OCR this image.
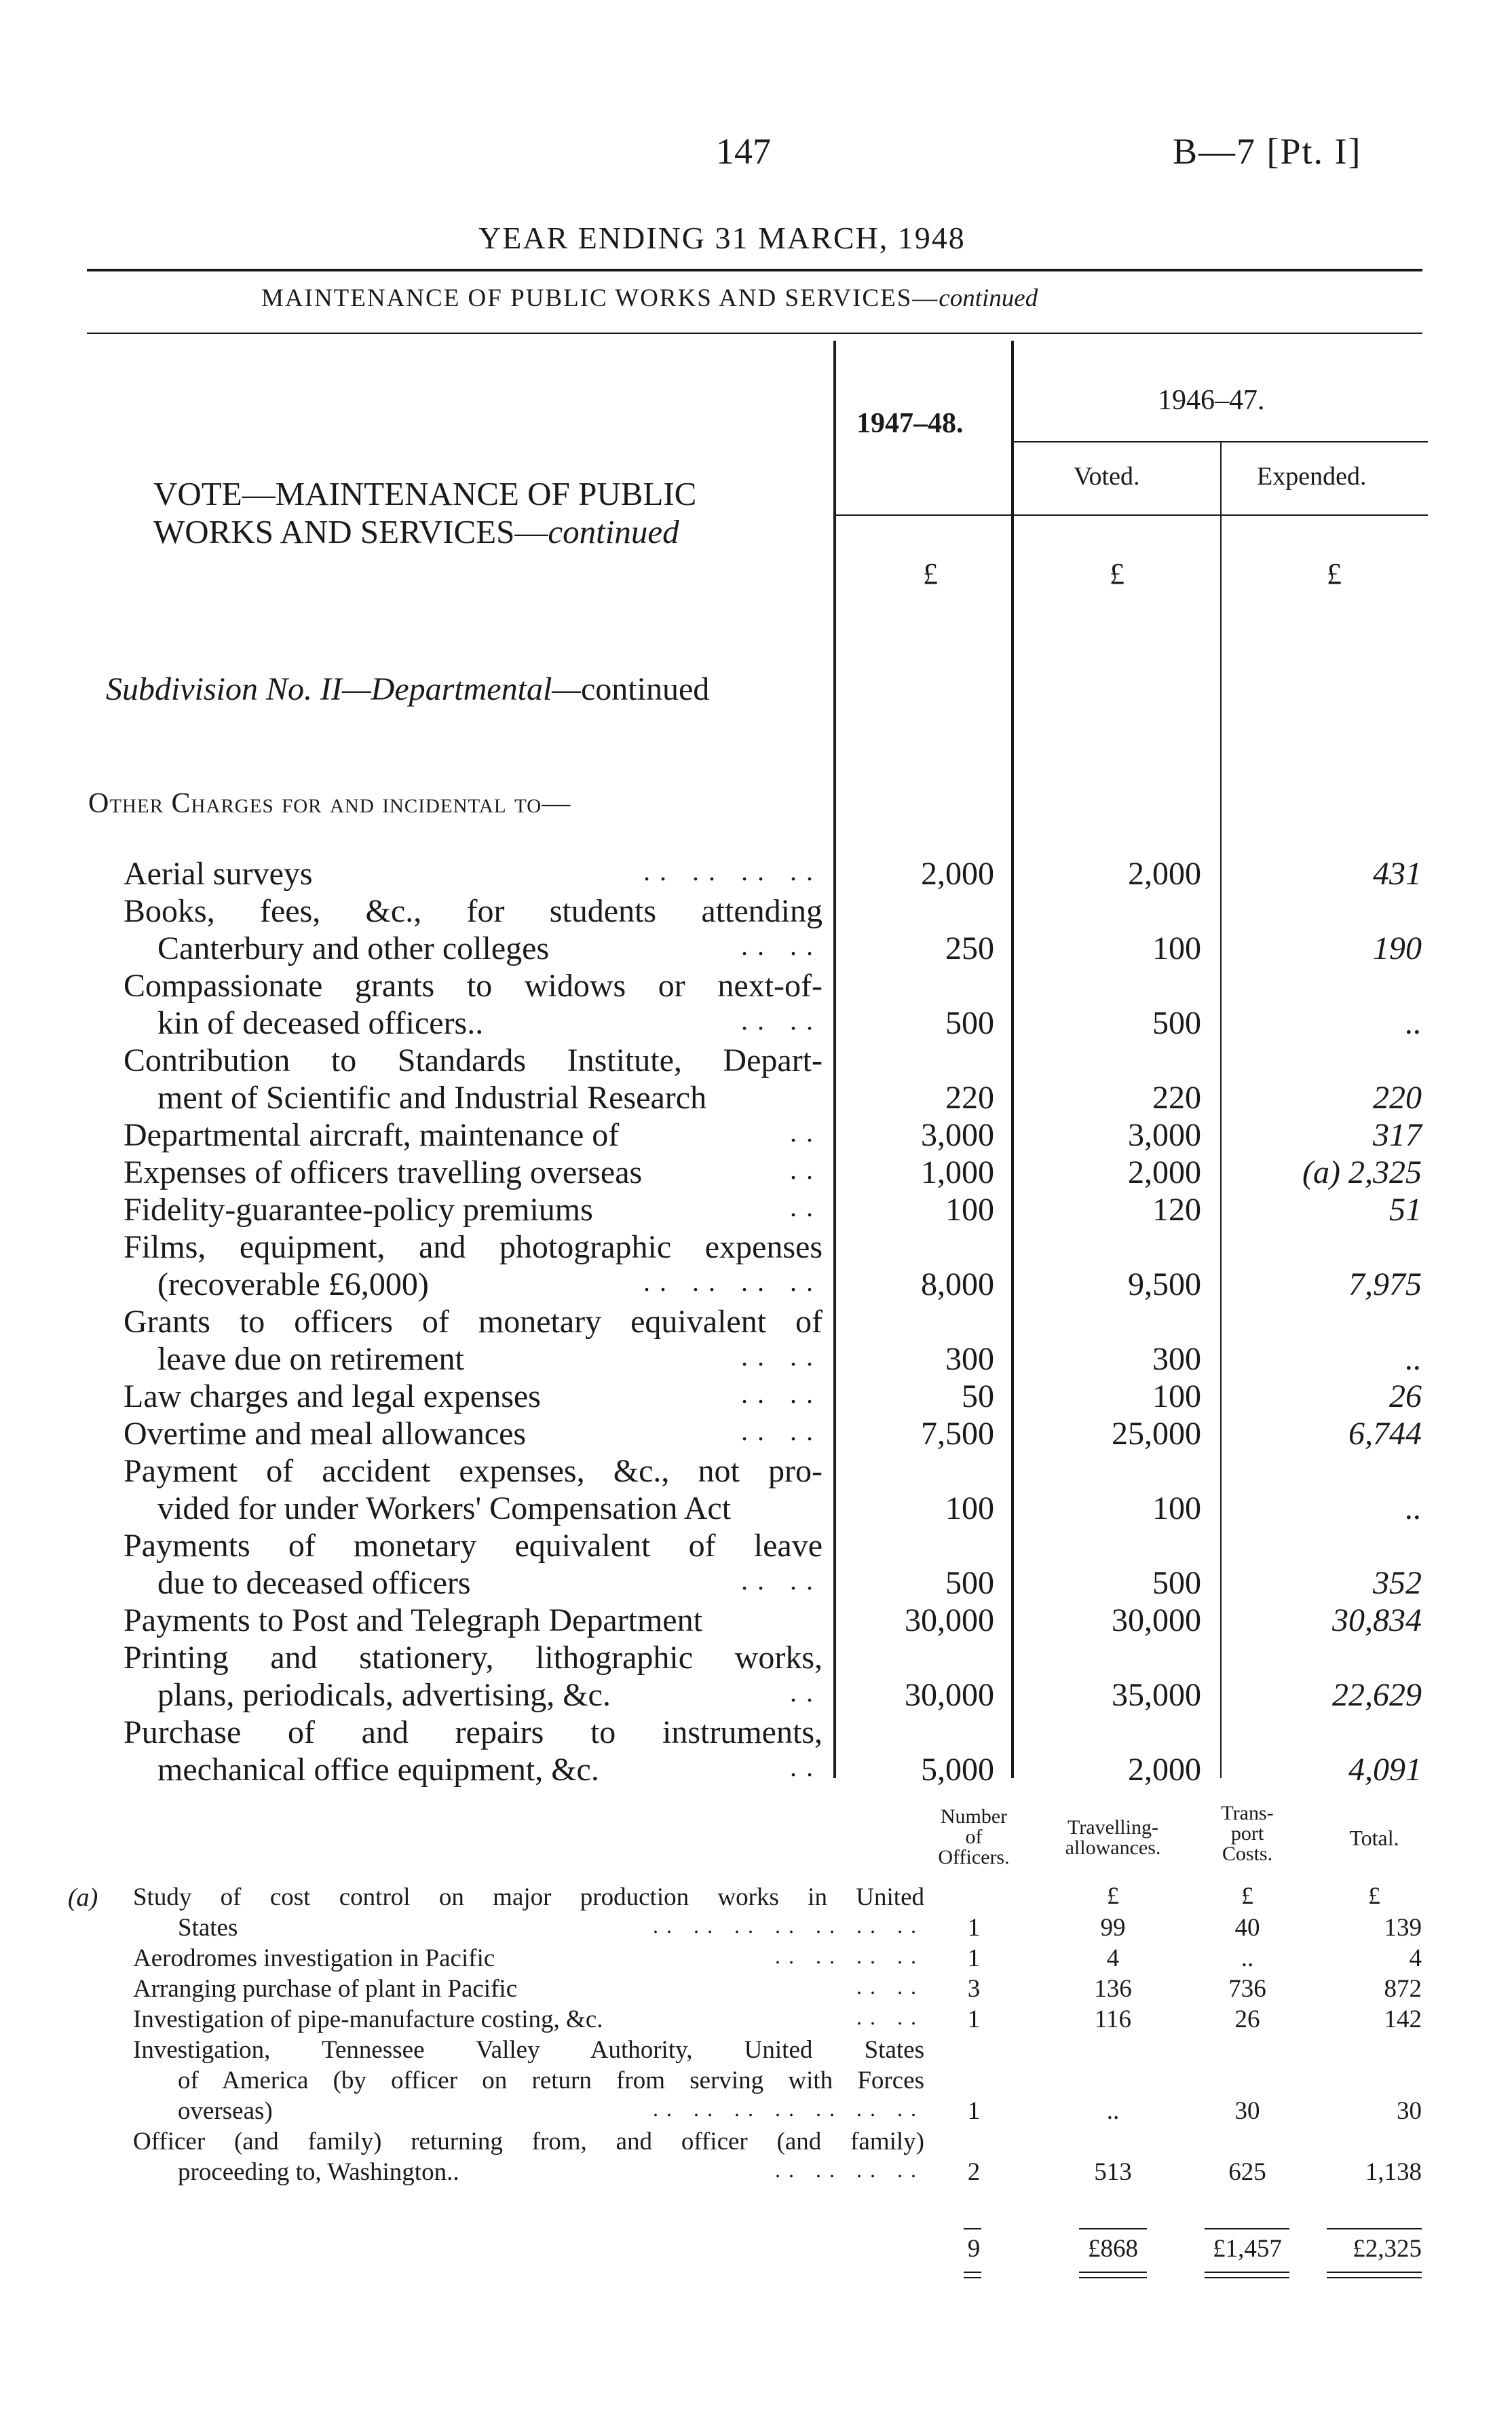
147	B—7 [Pt. I]
YEAR ENDING 31 MARCH, 1948
MAINTENANCE OF PUBLIC WORKS AND SERVICES—continued
VOTE—MAINTENANCE OF PUBLIC
WORKS AND SERVICES—continued
1947–48.
1946–47.
Voted.	Expended.
£	£	£
Subdivision No. II—Departmental—continued
Other Charges for and incidental to—
Aerial surveys	.. .. .. ..	2,000	2,000	431
Books, fees, &c., for students attending
Canterbury and other colleges	.. ..	250	100	190
Compassionate grants to widows or next-of-
kin of deceased officers..	.. ..	500	500	..
Contribution to Standards Institute, Depart-
ment of Scientific and Industrial Research	220	220	220
Departmental aircraft, maintenance of	..	3,000	3,000	317
Expenses of officers travelling overseas	..	1,000	2,000	(a) 2,325
Fidelity-guarantee-policy premiums	..	100	120	51
Films, equipment, and photographic expenses
(recoverable £6,000)	.. .. .. ..	8,000	9,500	7,975
Grants to officers of monetary equivalent of
leave due on retirement	.. ..	300	300	..
Law charges and legal expenses	.. ..	50	100	26
Overtime and meal allowances	.. ..	7,500	25,000	6,744
Payment of accident expenses, &c., not pro-
vided for under Workers' Compensation Act	100	100	..
Payments of monetary equivalent of leave
due to deceased officers	.. ..	500	500	352
Payments to Post and Telegraph Department	30,000	30,000	30,834
Printing and stationery, lithographic works,
plans, periodicals, advertising, &c.	..	30,000	35,000	22,629
Purchase of and repairs to instruments,
mechanical office equipment, &c.	..	5,000	2,000	4,091
Number
of
Officers.
Travelling-
allowances.
Trans-
port
Costs.
Total.
£	£	£
(a) Study of cost control on major production works in United
States	.. .. .. .. .. .. ..	1	99	40	139
Aerodromes investigation in Pacific	.. .. .. ..	1	4	..	4
Arranging purchase of plant in Pacific	.. ..	3	136	736	872
Investigation of pipe-manufacture costing, &c.	.. ..	1	116	26	142
Investigation, Tennessee Valley Authority, United States
of America (by officer on return from serving with Forces
overseas)	.. .. .. .. .. .. ..	1	..	30	30
Officer (and family) returning from, and officer (and family)
proceeding to, Washington..	.. .. .. ..	2	513	625	1,138
9	£868	£1,457	£2,325
